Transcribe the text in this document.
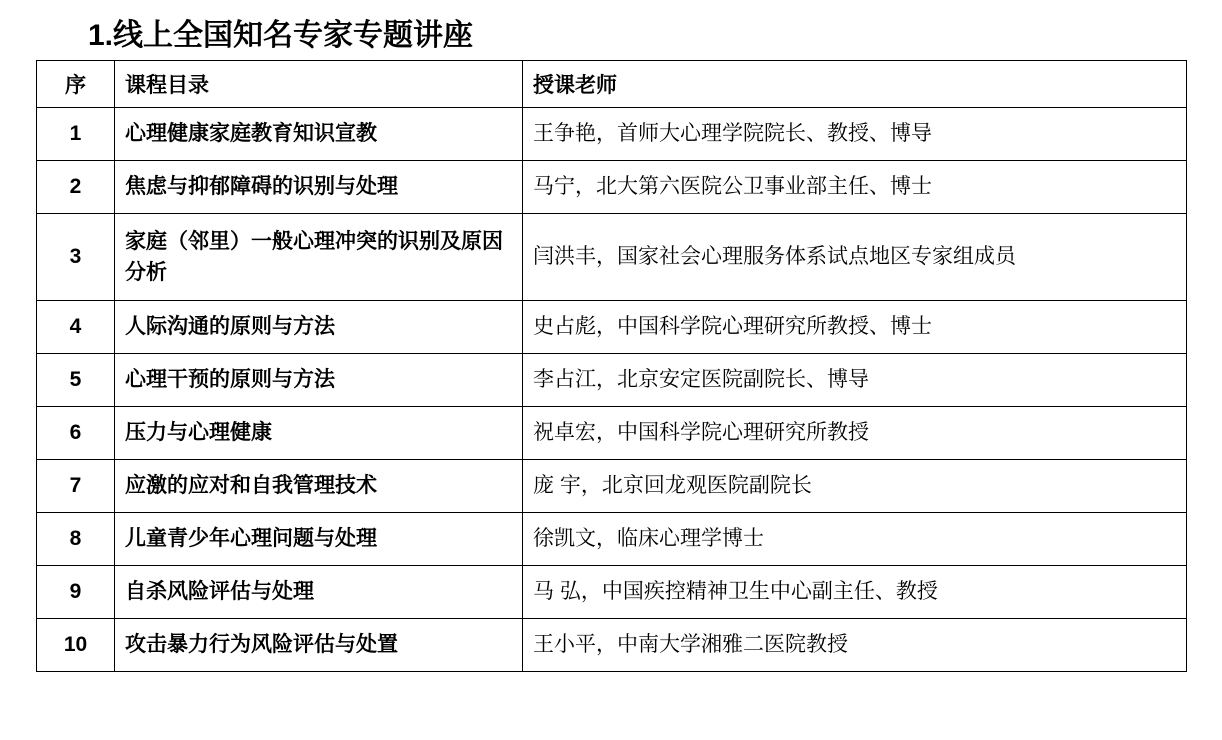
1.线上全国知名专家专题讲座
序	课程目录	授课老师
1	心理健康家庭教育知识宣教	王争艳，首师大心理学院院长、教授、博导
2	焦虑与抑郁障碍的识别与处理	马宁，北大第六医院公卫事业部主任、博士
3	家庭（邻里）一般心理冲突的识别及原因分析	闫洪丰，国家社会心理服务体系试点地区专家组成员
4	人际沟通的原则与方法	史占彪，中国科学院心理研究所教授、博士
5	心理干预的原则与方法	李占江，北京安定医院副院长、博导
6	压力与心理健康	祝卓宏，中国科学院心理研究所教授
7	应激的应对和自我管理技术	庞 宇，北京回龙观医院副院长
8	儿童青少年心理问题与处理	徐凯文，临床心理学博士
9	自杀风险评估与处理	马 弘，中国疾控精神卫生中心副主任、教授
10	攻击暴力行为风险评估与处置	王小平，中南大学湘雅二医院教授
